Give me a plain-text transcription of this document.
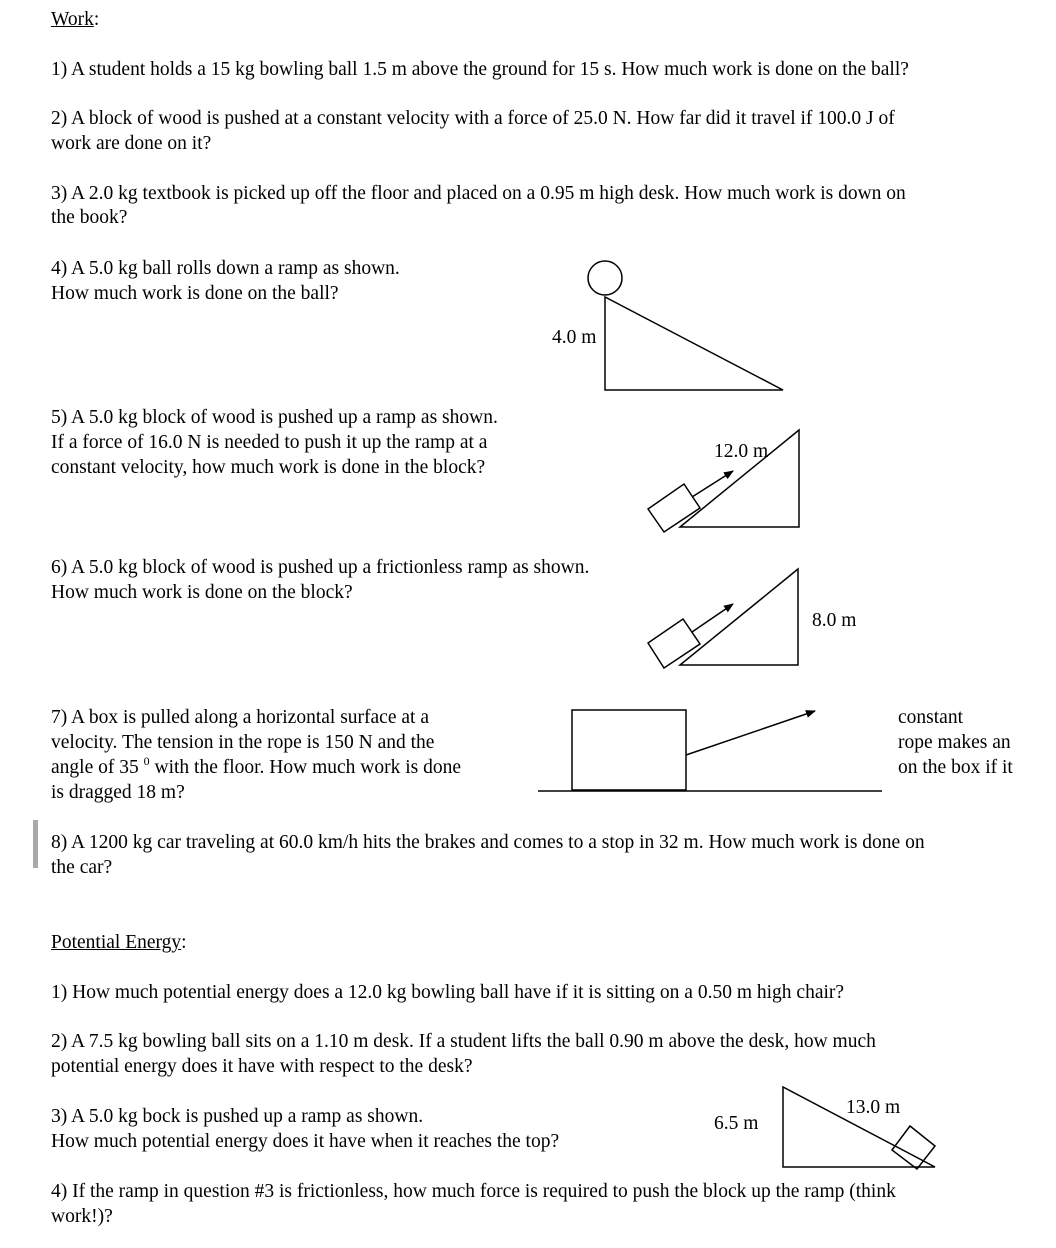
Work:
1) A student holds a 15 kg bowling ball 1.5 m above the ground for 15 s. How much work is done on the ball?
2) A block of wood is pushed at a constant velocity with a force of 25.0 N. How far did it travel if 100.0 J of
work are done on it?
3) A 2.0 kg textbook is picked up off the floor and placed on a 0.95 m high desk. How much work is down on
the book?
4) A 5.0 kg ball rolls down a ramp as shown.
How much work is done on the ball?
5) A 5.0 kg block of wood is pushed up a ramp as shown.
If a force of 16.0 N is needed to push it up the ramp at a
constant velocity, how much work is done in the block?
6) A 5.0 kg block of wood is pushed up a frictionless ramp as shown.
How much work is done on the block?
7) A box is pulled along a horizontal surface at a
velocity. The tension in the rope is 150 N and the
angle of 35 $^0$ with the floor. How much work is done
is dragged 18 m?
constant
rope makes an
on the box if it
8) A 1200 kg car traveling at 60.0 km/h hits the brakes and comes to a stop in 32 m. How much work is done on
the car?
Potential Energy:
1) How much potential energy does a 12.0 kg bowling ball have if it is sitting on a 0.50 m high chair?
2) A 7.5 kg bowling ball sits on a 1.10 m desk. If a student lifts the ball 0.90 m above the desk, how much
potential energy does it have with respect to the desk?
3) A 5.0 kg bock is pushed up a ramp as shown.
How much potential energy does it have when it reaches the top?
4) If the ramp in question #3 is frictionless, how much force is required to push the block up the ramp (think
work!)?
4.0 m
12.0 m
8.0 m
6.5 m
13.0 m
